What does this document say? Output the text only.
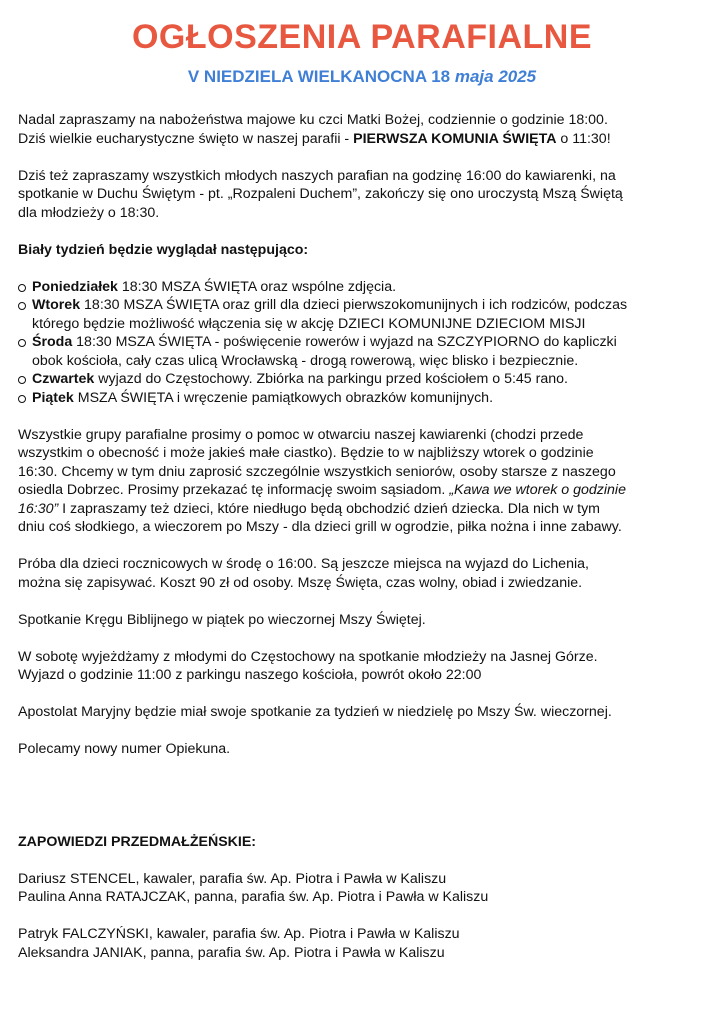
OGŁOSZENIA PARAFIALNE
V NIEDZIELA WIELKANOCNA 18 maja 2025
Nadal zapraszamy na nabożeństwa majowe ku czci Matki Bożej, codziennie o godzinie 18:00.
Dziś wielkie eucharystyczne święto w naszej parafii - PIERWSZA KOMUNIA ŚWIĘTA o 11:30!
Dziś też zapraszamy wszystkich młodych naszych parafian na godzinę 16:00 do kawiarenki, na
spotkanie w Duchu Świętym - pt. „Rozpaleni Duchem”, zakończy się ono uroczystą Mszą Świętą
dla młodzieży o 18:30.
Biały tydzień będzie wyglądał następująco:
Poniedziałek 18:30 MSZA ŚWIĘTA oraz wspólne zdjęcia.
Wtorek 18:30 MSZA ŚWIĘTA oraz grill dla dzieci pierwszokomunijnych i ich rodziców, podczas
którego będzie możliwość włączenia się w akcję DZIECI KOMUNIJNE DZIECIOM MISJI
Środa 18:30 MSZA ŚWIĘTA - poświęcenie rowerów i wyjazd na SZCZYPIORNO do kapliczki
obok kościoła, cały czas ulicą Wrocławską - drogą rowerową, więc blisko i bezpiecznie.
Czwartek wyjazd do Częstochowy. Zbiórka na parkingu przed kościołem o 5:45 rano.
Piątek MSZA ŚWIĘTA i wręczenie pamiątkowych obrazków komunijnych.
Wszystkie grupy parafialne prosimy o pomoc w otwarciu naszej kawiarenki (chodzi przede
wszystkim o obecność i może jakieś małe ciastko). Będzie to w najbliższy wtorek o godzinie
16:30. Chcemy w tym dniu zaprosić szczególnie wszystkich seniorów, osoby starsze z naszego
osiedla Dobrzec. Prosimy przekazać tę informację swoim sąsiadom. „Kawa we wtorek o godzinie
16:30” I zapraszamy też dzieci, które niedługo będą obchodzić dzień dziecka. Dla nich w tym
dniu coś słodkiego, a wieczorem po Mszy - dla dzieci grill w ogrodzie, piłka nożna i inne zabawy.
Próba dla dzieci rocznicowych w środę o 16:00. Są jeszcze miejsca na wyjazd do Lichenia,
można się zapisywać. Koszt 90 zł od osoby. Mszę Święta, czas wolny, obiad i zwiedzanie.
Spotkanie Kręgu Biblijnego w piątek po wieczornej Mszy Świętej.
W sobotę wyjeżdżamy z młodymi do Częstochowy na spotkanie młodzieży na Jasnej Górze.
Wyjazd o godzinie 11:00 z parkingu naszego kościoła, powrót około 22:00
Apostolat Maryjny będzie miał swoje spotkanie za tydzień w niedzielę po Mszy Św. wieczornej.
Polecamy nowy numer Opiekuna.
ZAPOWIEDZI PRZEDMAŁŻEŃSKIE:
Dariusz STENCEL, kawaler, parafia św. Ap. Piotra i Pawła w Kaliszu
Paulina Anna RATAJCZAK, panna, parafia św. Ap. Piotra i Pawła w Kaliszu
Patryk FALCZYŃSKI, kawaler, parafia św. Ap. Piotra i Pawła w Kaliszu
Aleksandra JANIAK, panna, parafia św. Ap. Piotra i Pawła w Kaliszu
